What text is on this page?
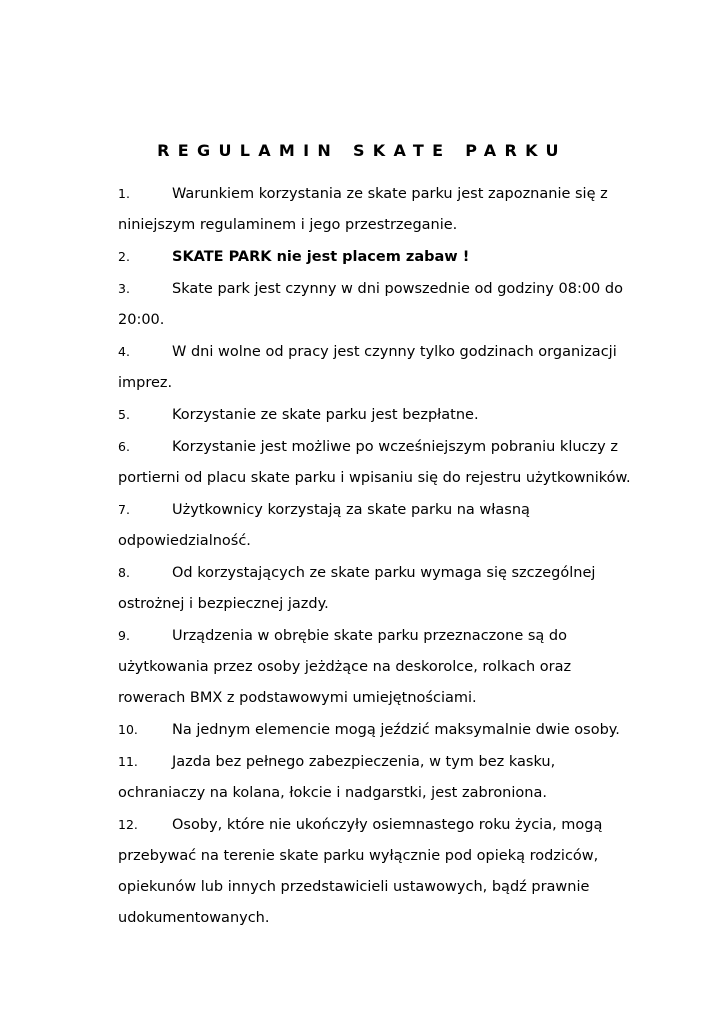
REGULAMIN SKATE PARKU
1.	Warunkiem korzystania ze skate parku jest zapoznanie się z
niniejszym regulaminem i jego przestrzeganie.
2.	SKATE PARK nie jest placem zabaw !
3.	Skate park jest czynny w dni powszednie od godziny 08:00 do
20:00.
4.	W dni wolne od pracy jest czynny tylko godzinach organizacji
imprez.
5.	Korzystanie ze skate parku jest bezpłatne.
6.	Korzystanie jest możliwe po wcześniejszym pobraniu kluczy z
portierni od placu skate parku i wpisaniu się do rejestru użytkowników.
7.	Użytkownicy korzystają za skate parku na własną
odpowiedzialność.
8.	Od korzystających ze skate parku wymaga się szczególnej
ostrożnej i bezpiecznej jazdy.
9.	Urządzenia w obrębie skate parku przeznaczone są do
użytkowania przez osoby jeżdżące na deskorolce, rolkach oraz
rowerach BMX z podstawowymi umiejętnościami.
10. Na jednym elemencie mogą jeździć maksymalnie dwie osoby.
11. Jazda bez pełnego zabezpieczenia, w tym bez kasku,
ochraniaczy na kolana, łokcie i nadgarstki, jest zabroniona.
12. Osoby, które nie ukończyły osiemnastego roku życia, mogą
przebywać na terenie skate parku wyłącznie pod opieką rodziców,
opiekunów lub innych przedstawicieli ustawowych, bądź prawnie
udokumentowanych.
